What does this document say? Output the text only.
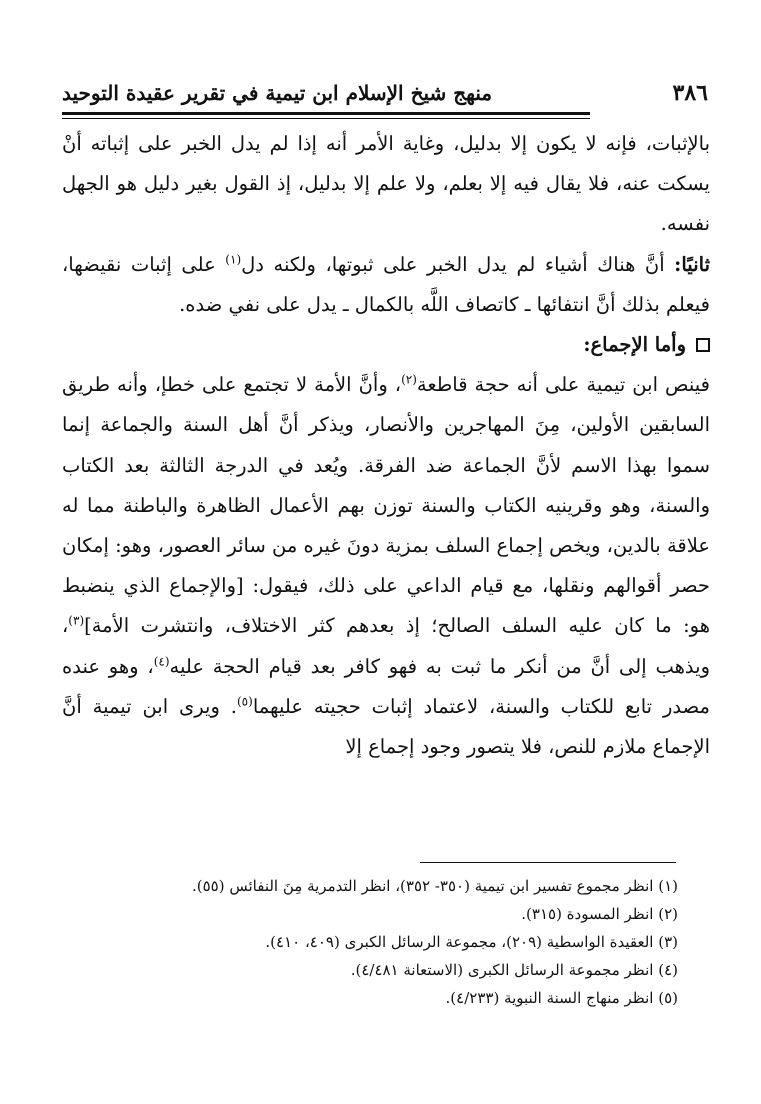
٣٨٦
منهج شيخ الإسلام ابن تيمية في تقرير عقيدة التوحيد

بالإثبات، فإنه لا يكون إلا بدليل، وغاية الأمر أنه إذا لم يدل الخبر على إثباته أنْ يسكت عنه، فلا يقال فيه إلا بعلم، ولا علم إلا بدليل، إذ القول بغير دليل هو الجهل نفسه.

ثانيًا: أنَّ هناك أشياء لم يدل الخبر على ثبوتها، ولكنه دل$^{(١)}$ على إثبات نقيضها، فيعلم بذلك أنَّ انتفائها ـ كاتصاف اللَّه بالكمال ـ يدل على نفي ضده.

وأما الإجماع:

فينص ابن تيمية على أنه حجة قاطعة$^{(٢)}$، وأنَّ الأمة لا تجتمع على خطإ، وأنه طريق السابقين الأولين، مِنَ المهاجرين والأنصار، ويذكر أنَّ أهل السنة والجماعة إنما سموا بهذا الاسم لأنَّ الجماعة ضد الفرقة. ويُعد في الدرجة الثالثة بعد الكتاب والسنة، وهو وقرينيه الكتاب والسنة توزن بهم الأعمال الظاهرة والباطنة مما له علاقة بالدين، ويخص إجماع السلف بمزية دونَ غيره من سائر العصور، وهو: إمكان حصر أقوالهم ونقلها، مع قيام الداعي على ذلك، فيقول: [والإجماع الذي ينضبط هو: ما كان عليه السلف الصالح؛ إذ بعدهم كثر الاختلاف، وانتشرت الأمة]$^{(٣)}$، ويذهب إلى أنَّ من أنكر ما ثبت به فهو كافر بعد قيام الحجة عليه$^{(٤)}$، وهو عنده مصدر تابع للكتاب والسنة، لاعتماد إثبات حجيته عليهما$^{(٥)}$. ويرى ابن تيمية أنَّ الإجماع ملازم للنص، فلا يتصور وجود إجماع إلا

(١) انظر مجموع تفسير ابن تيمية (٣٥٠- ٣٥٢)، انظر التدمرية مِنَ النفائس (٥٥).

(٢) انظر المسودة (٣١٥).

(٣) العقيدة الواسطية (٢٠٩)، مجموعة الرسائل الكبرى (٤٠٩، ٤١٠).

(٤) انظر مجموعة الرسائل الكبرى (الاستعانة ٤/٤٨١).

(٥) انظر منهاج السنة النبوية (٤/٢٣٣).
